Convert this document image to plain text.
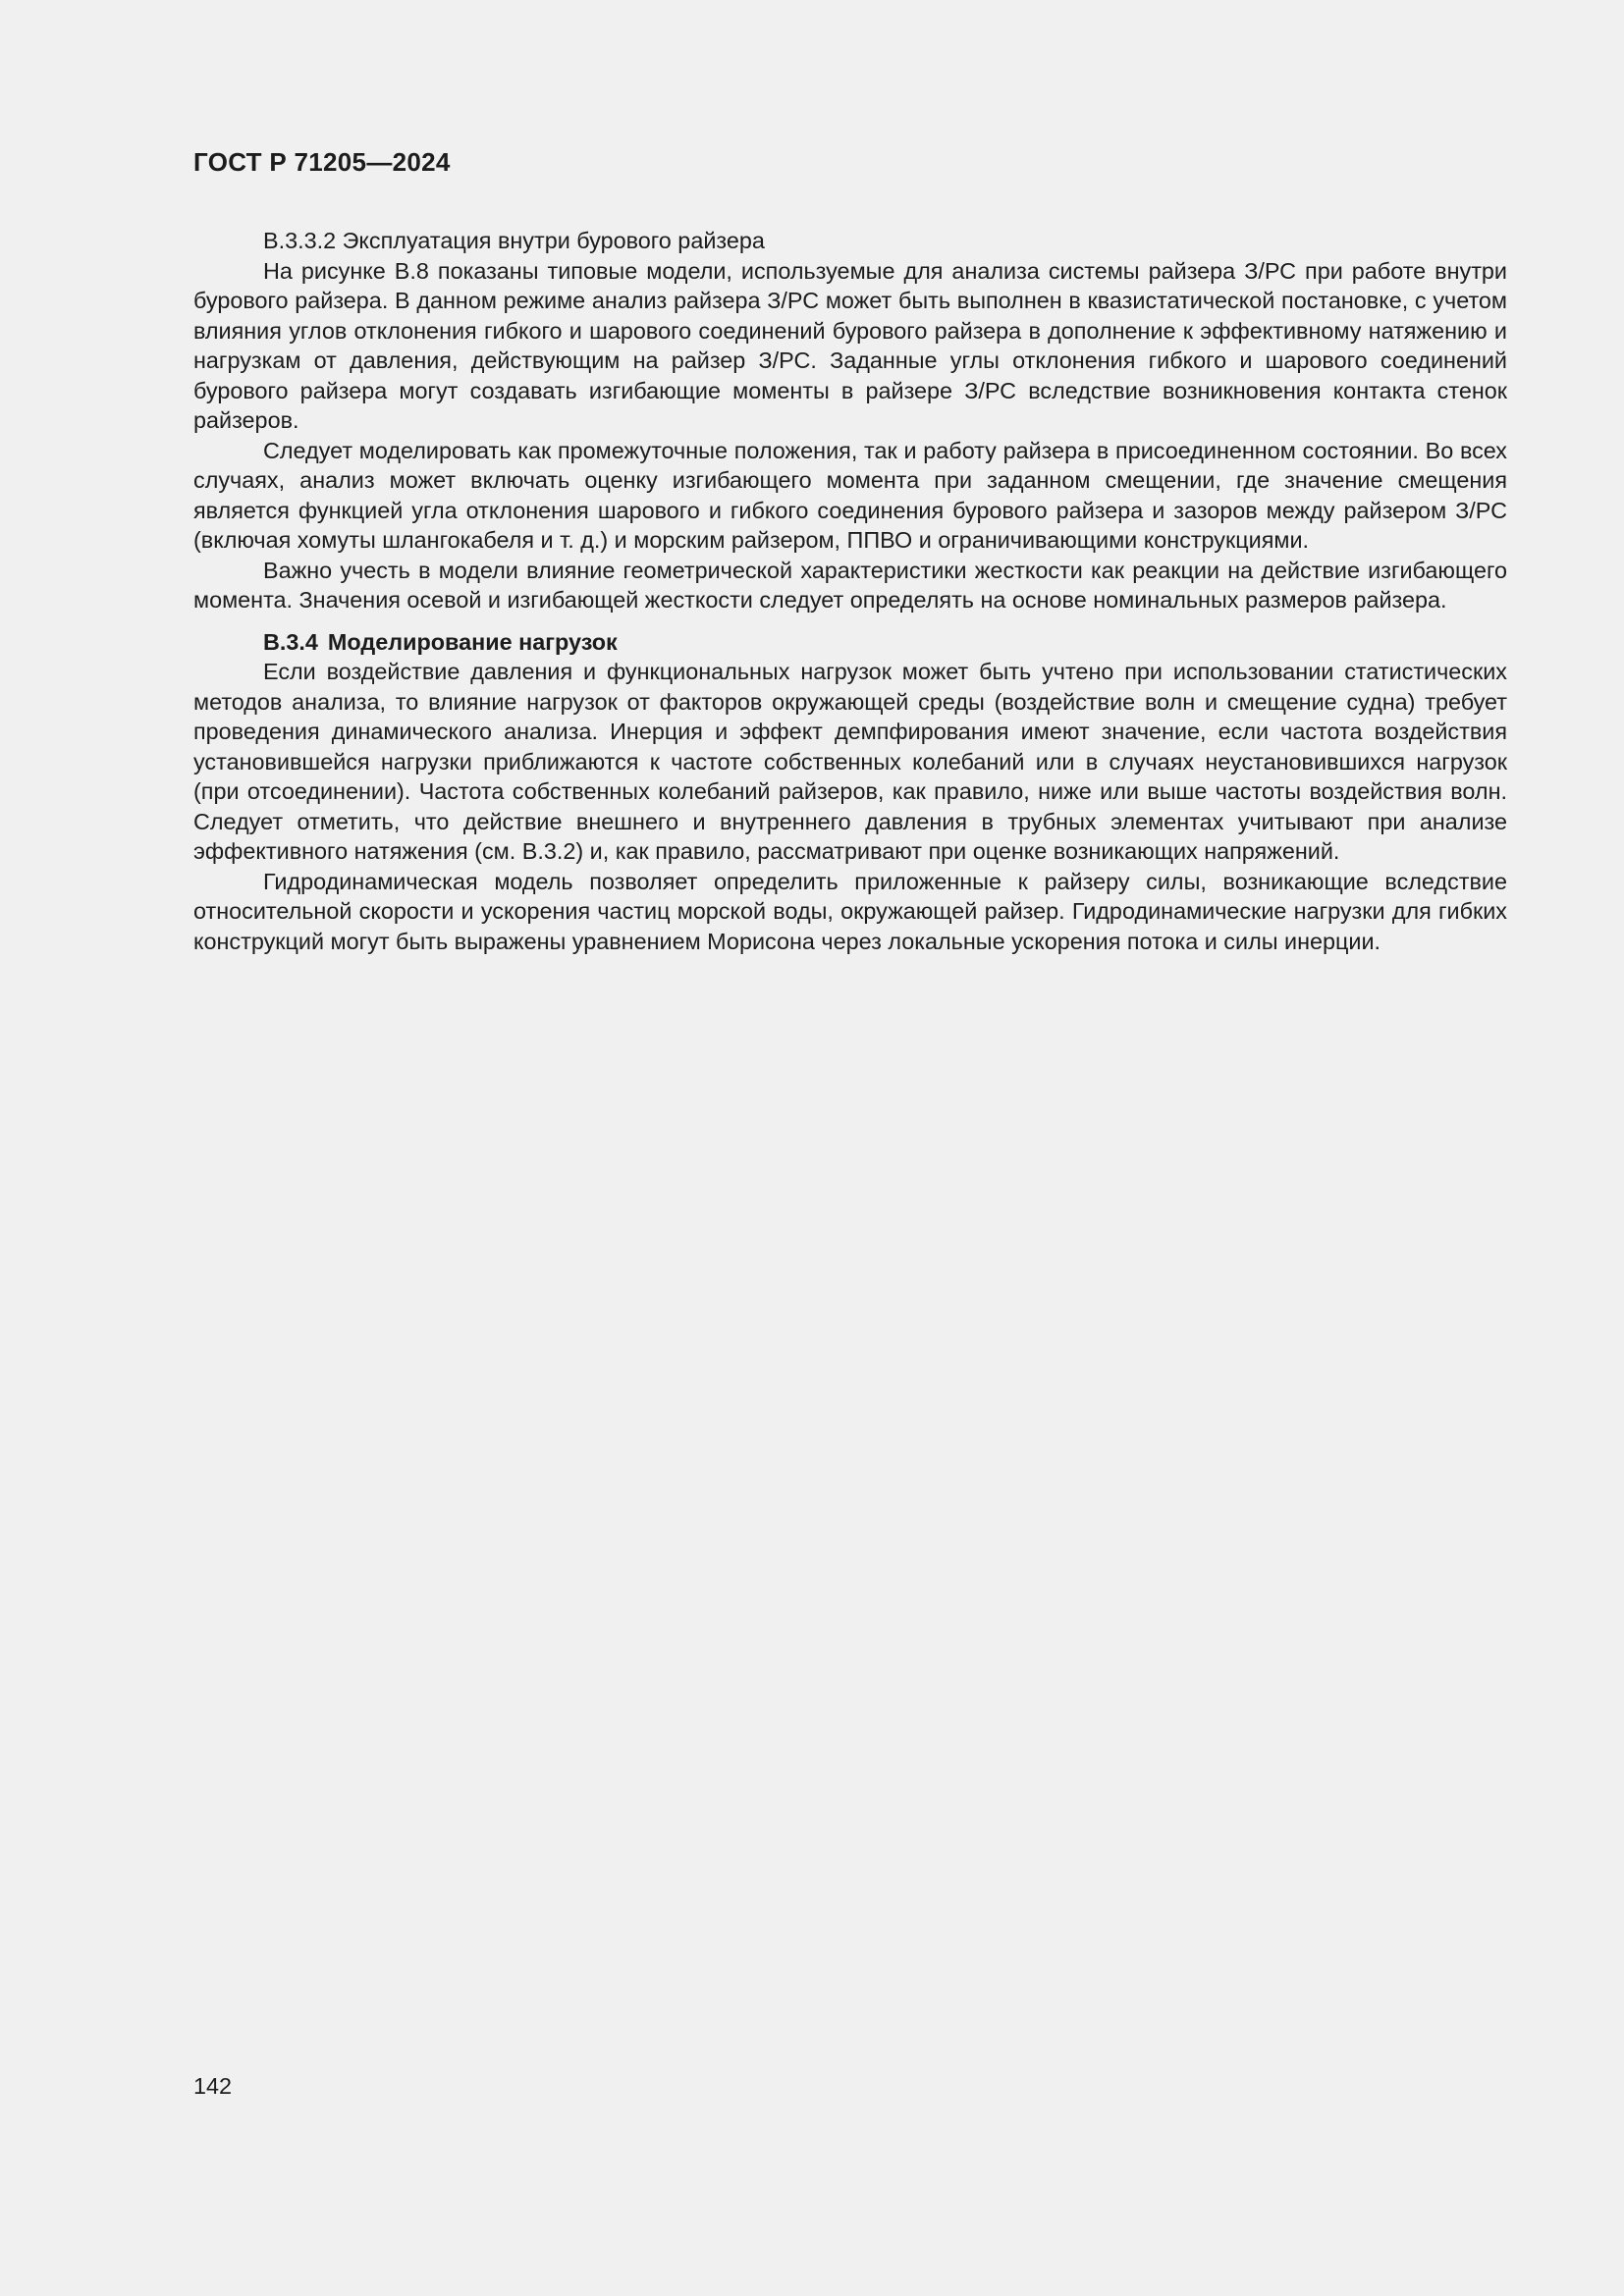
ГОСТ Р 71205—2024

В.3.3.2 Эксплуатация внутри бурового райзера

На рисунке В.8 показаны типовые модели, используемые для анализа системы райзера З/РС при работе внутри бурового райзера. В данном режиме анализ райзера З/РС может быть выполнен в квазистатической постановке, с учетом влияния углов отклонения гибкого и шарового соединений бурового райзера в дополнение к эффективному натяжению и нагрузкам от давления, действующим на райзер З/РС. Заданные углы отклонения гибкого и шарового соединений бурового райзера могут создавать изгибающие моменты в райзере З/РС вследствие возникновения контакта стенок райзеров.

Следует моделировать как промежуточные положения, так и работу райзера в присоединенном состоянии. Во всех случаях, анализ может включать оценку изгибающего момента при заданном смещении, где значение смещения является функцией угла отклонения шарового и гибкого соединения бурового райзера и зазоров между райзером З/РС (включая хомуты шлангокабеля и т. д.) и морским райзером, ППВО и ограничивающими конструкциями.

Важно учесть в модели влияние геометрической характеристики жесткости как реакции на действие изгибающего момента. Значения осевой и изгибающей жесткости следует определять на основе номинальных размеров райзера.

В.3.4 Моделирование нагрузок

Если воздействие давления и функциональных нагрузок может быть учтено при использовании статистических методов анализа, то влияние нагрузок от факторов окружающей среды (воздействие волн и смещение судна) требует проведения динамического анализа. Инерция и эффект демпфирования имеют значение, если частота воздействия установившейся нагрузки приближаются к частоте собственных колебаний или в случаях неустановившихся нагрузок (при отсоединении). Частота собственных колебаний райзеров, как правило, ниже или выше частоты воздействия волн. Следует отметить, что действие внешнего и внутреннего давления в трубных элементах учитывают при анализе эффективного натяжения (см. В.3.2) и, как правило, рассматривают при оценке возникающих напряжений.

Гидродинамическая модель позволяет определить приложенные к райзеру силы, возникающие вследствие относительной скорости и ускорения частиц морской воды, окружающей райзер. Гидродинамические нагрузки для гибких конструкций могут быть выражены уравнением Морисона через локальные ускорения потока и силы инерции.

142
